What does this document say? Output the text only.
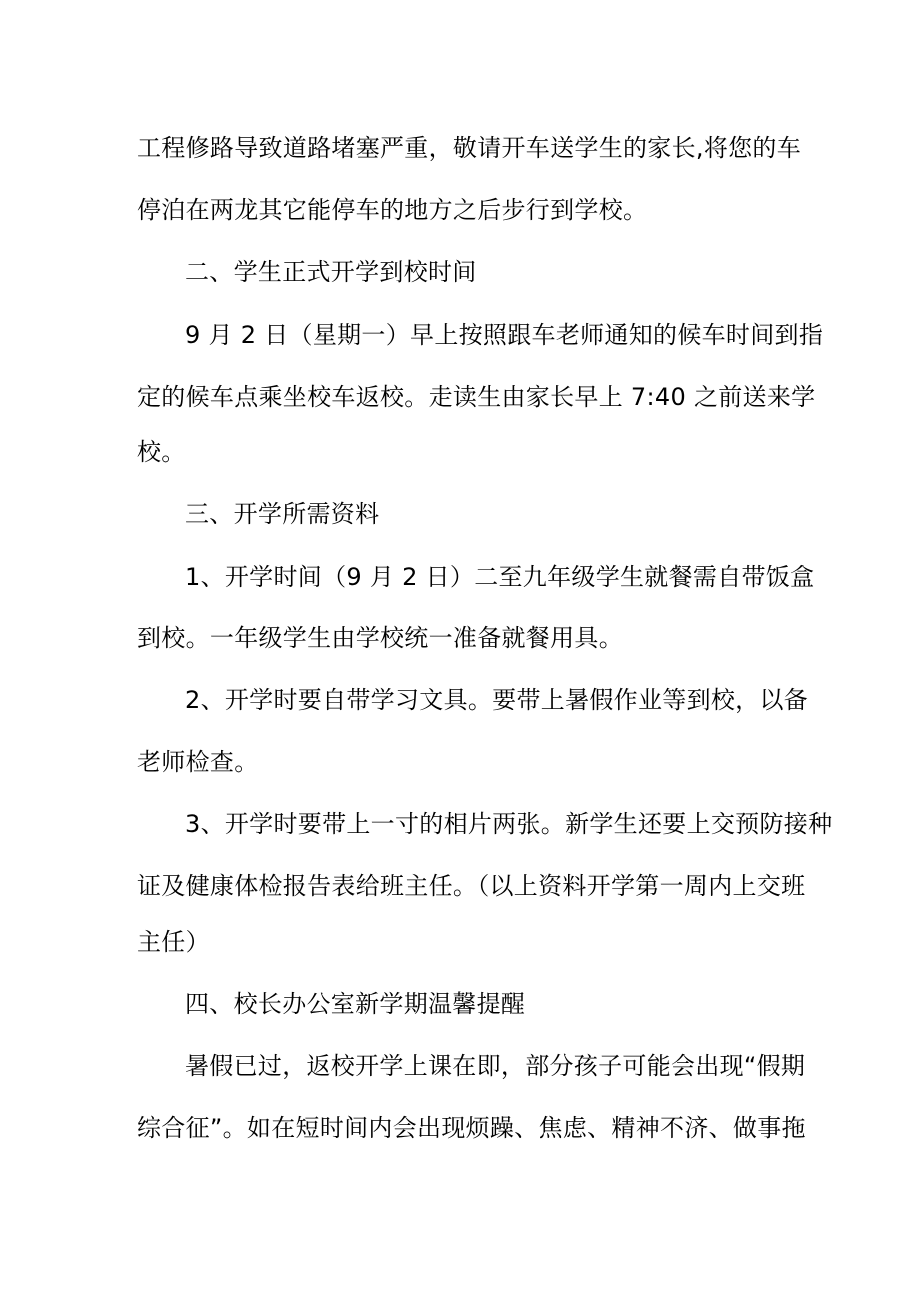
工程修路导致道路堵塞严重，敬请开车送学生的家长,将您的车
停泊在两龙其它能停车的地方之后步行到学校。
二、学生正式开学到校时间
9 月 2 日（星期一）早上按照跟车老师通知的候车时间到指
定的候车点乘坐校车返校。走读生由家长早上 7:40 之前送来学
校。
三、开学所需资料
1、开学时间（9 月 2 日）二至九年级学生就餐需自带饭盒
到校。一年级学生由学校统一准备就餐用具。
2、开学时要自带学习文具。要带上暑假作业等到校，以备
老师检查。
3、开学时要带上一寸的相片两张。新学生还要上交预防接种
证及健康体检报告表给班主任。（以上资料开学第一周内上交班
主任）
四、校长办公室新学期温馨提醒
暑假已过，返校开学上课在即，部分孩子可能会出现“假期
综合征”。如在短时间内会出现烦躁、焦虑、精神不济、做事拖
